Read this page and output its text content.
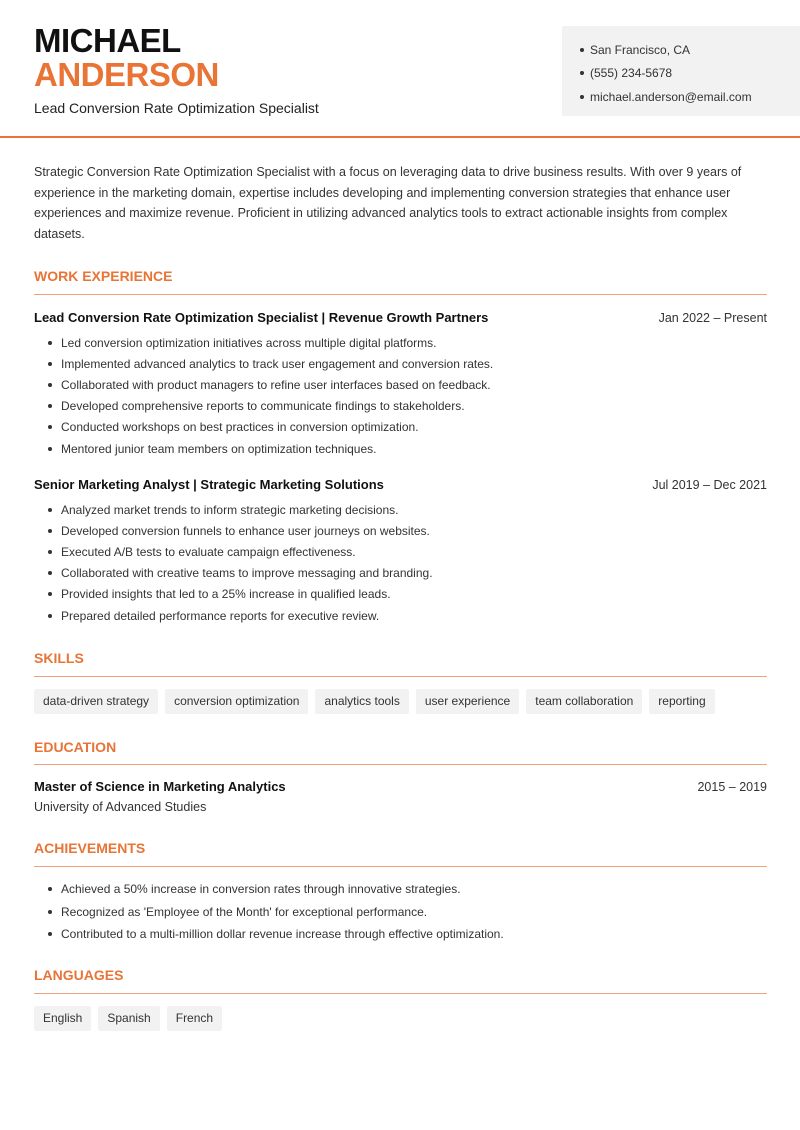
MICHAEL
ANDERSON
Lead Conversion Rate Optimization Specialist
San Francisco, CA
(555) 234-5678
michael.anderson@email.com

Strategic Conversion Rate Optimization Specialist with a focus on leveraging data to drive business results. With over 9 years of experience in the marketing domain, expertise includes developing and implementing conversion strategies that enhance user experiences and maximize revenue. Proficient in utilizing advanced analytics tools to extract actionable insights from complex datasets.

WORK EXPERIENCE
Lead Conversion Rate Optimization Specialist | Revenue Growth Partners	Jan 2022 – Present
Led conversion optimization initiatives across multiple digital platforms.
Implemented advanced analytics to track user engagement and conversion rates.
Collaborated with product managers to refine user interfaces based on feedback.
Developed comprehensive reports to communicate findings to stakeholders.
Conducted workshops on best practices in conversion optimization.
Mentored junior team members on optimization techniques.
Senior Marketing Analyst | Strategic Marketing Solutions	Jul 2019 – Dec 2021
Analyzed market trends to inform strategic marketing decisions.
Developed conversion funnels to enhance user journeys on websites.
Executed A/B tests to evaluate campaign effectiveness.
Collaborated with creative teams to improve messaging and branding.
Provided insights that led to a 25% increase in qualified leads.
Prepared detailed performance reports for executive review.
SKILLS
data-driven strategy	conversion optimization	analytics tools	user experience	team collaboration	reporting
EDUCATION
Master of Science in Marketing Analytics	2015 – 2019
University of Advanced Studies
ACHIEVEMENTS
Achieved a 50% increase in conversion rates through innovative strategies.
Recognized as 'Employee of the Month' for exceptional performance.
Contributed to a multi-million dollar revenue increase through effective optimization.
LANGUAGES
English	Spanish	French
